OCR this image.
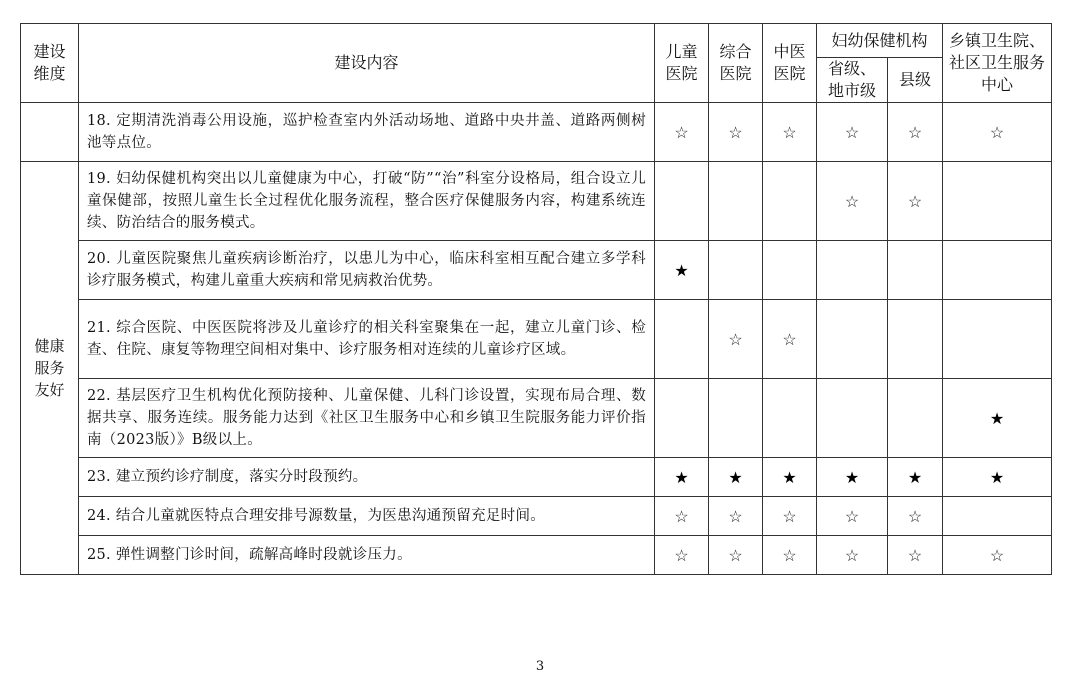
建设维度	建设内容	儿童医院	综合医院	中医医院	妇幼保健机构		乡镇卫生院、社区卫生服务中心
					省级、地市级	县级	
	18. 定期清洗消毒公用设施，巡护检查室内外活动场地、道路中央井盖、道路两侧树池等点位。	☆	☆	☆	☆	☆	☆

健康服务友好	19. 妇幼保健机构突出以儿童健康为中心，打破“防”“治”科室分设格局，组合设立儿童保健部，按照儿童生长全过程优化服务流程，整合医疗保健服务内容，构建系统连续、防治结合的服务模式。				☆	☆	
	20. 儿童医院聚焦儿童疾病诊断治疗，以患儿为中心，临床科室相互配合建立多学科诊疗服务模式，构建儿童重大疾病和常见病救治优势。	★					
	21. 综合医院、中医医院将涉及儿童诊疗的相关科室聚集在一起，建立儿童门诊、检查、住院、康复等物理空间相对集中、诊疗服务相对连续的儿童诊疗区域。		☆	☆			
	22. 基层医疗卫生机构优化预防接种、儿童保健、儿科门诊设置，实现布局合理、数据共享、服务连续。服务能力达到《社区卫生服务中心和乡镇卫生院服务能力评价指南（2023版）》B级以上。						★
	23. 建立预约诊疗制度，落实分时段预约。	★	★	★	★	★	★
	24. 结合儿童就医特点合理安排号源数量，为医患沟通预留充足时间。	☆	☆	☆	☆	☆	
	25. 弹性调整门诊时间，疏解高峰时段就诊压力。	☆	☆	☆	☆	☆	☆
3
